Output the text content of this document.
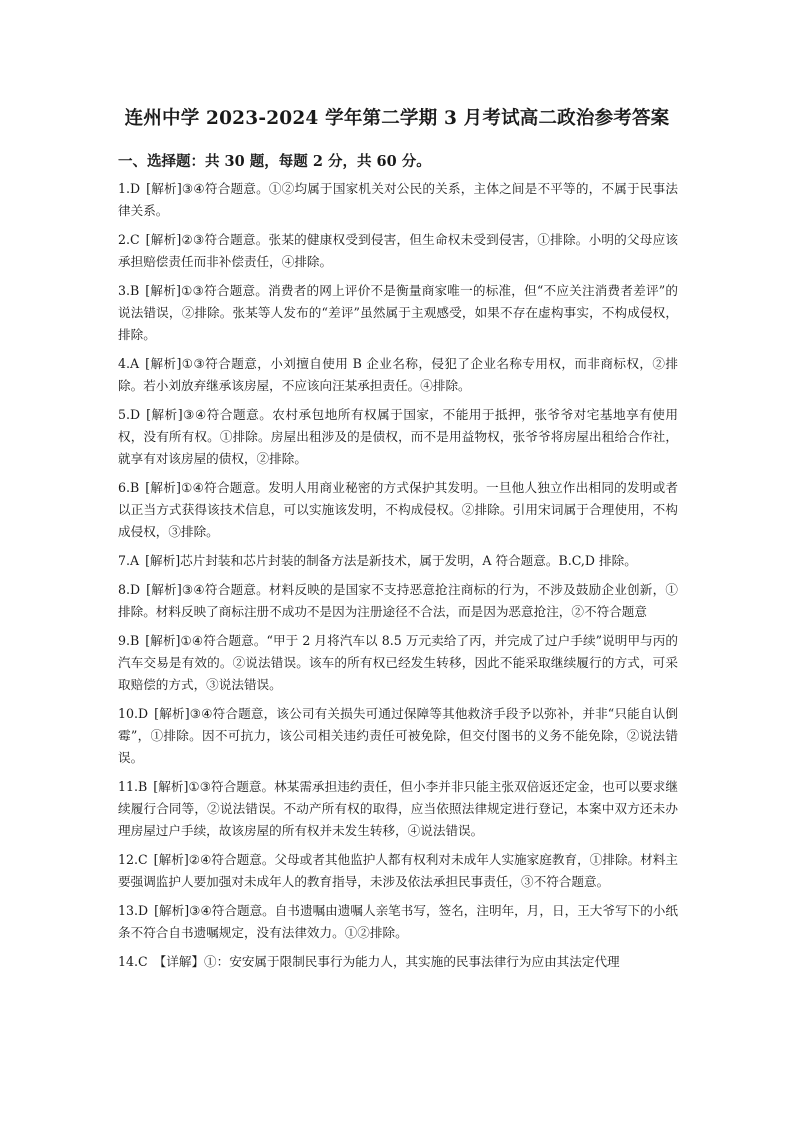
连州中学 2023-2024 学年第二学期 3 月考试高二政治参考答案
一、选择题：共 30 题，每题 2 分，共 60 分。
1.D [解析]③④符合题意。①②均属于国家机关对公民的关系，主体之间是不平等的，不属于民事法律关系。
2.C [解析]②③符合题意。张某的健康权受到侵害，但生命权未受到侵害，①排除。小明的父母应该承担赔偿责任而非补偿责任，④排除。
3.B [解析]①③符合题意。消费者的网上评价不是衡量商家唯一的标准，但“不应关注消费者差评”的说法错误，②排除。张某等人发布的“差评”虽然属于主观感受，如果不存在虚构事实，不构成侵权，排除。
4.A [解析]①③符合题意，小刘擅自使用 B 企业名称，侵犯了企业名称专用权，而非商标权，②排除。若小刘放弃继承该房屋，不应该向汪某承担责任。④排除。
5.D [解析]③④符合题意。农村承包地所有权属于国家，不能用于抵押，张爷爷对宅基地享有使用权，没有所有权。①排除。房屋出租涉及的是债权，而不是用益物权，张爷爷将房屋出租给合作社，就享有对该房屋的债权，②排除。
6.B [解析]①④符合题意。发明人用商业秘密的方式保护其发明。一旦他人独立作出相同的发明或者以正当方式获得该技术信息，可以实施该发明，不构成侵权。②排除。引用宋词属于合理使用，不构成侵权，③排除。
7.A [解析]芯片封装和芯片封装的制备方法是新技术，属于发明，A 符合题意。B.C,D 排除。
8.D [解析]③④符合题意。材料反映的是国家不支持恶意抢注商标的行为，不涉及鼓励企业创新，①排除。材料反映了商标注册不成功不是因为注册途径不合法，而是因为恶意抢注，②不符合题意
9.B [解析]①④符合题意。“甲于 2 月将汽车以 8.5 万元卖给了丙，并完成了过户手续”说明甲与丙的汽车交易是有效的。②说法错误。该车的所有权已经发生转移，因此不能采取继续履行的方式，可采取赔偿的方式，③说法错误。
10.D [解析]③④符合题意，该公司有关损失可通过保障等其他救济手段予以弥补，并非“只能自认倒霉”，①排除。因不可抗力，该公司相关违约责任可被免除，但交付图书的义务不能免除，②说法错误。
11.B [解析]①③符合题意。林某需承担违约责任，但小李并非只能主张双倍返还定金，也可以要求继续履行合同等，②说法错误。不动产所有权的取得，应当依照法律规定进行登记，本案中双方还未办理房屋过户手续，故该房屋的所有权并未发生转移，④说法错误。
12.C [解析]②④符合题意。父母或者其他监护人都有权利对未成年人实施家庭教育，①排除。材料主要强调监护人要加强对未成年人的教育指导，未涉及依法承担民事责任，③不符合题意。
13.D [解析]③④符合题意。自书遗嘱由遗嘱人亲笔书写，签名，注明年，月，日，王大爷写下的小纸条不符合自书遗嘱规定，没有法律效力。①②排除。
14.C 【详解】①：安安属于限制民事行为能力人，其实施的民事法律行为应由其法定代理
